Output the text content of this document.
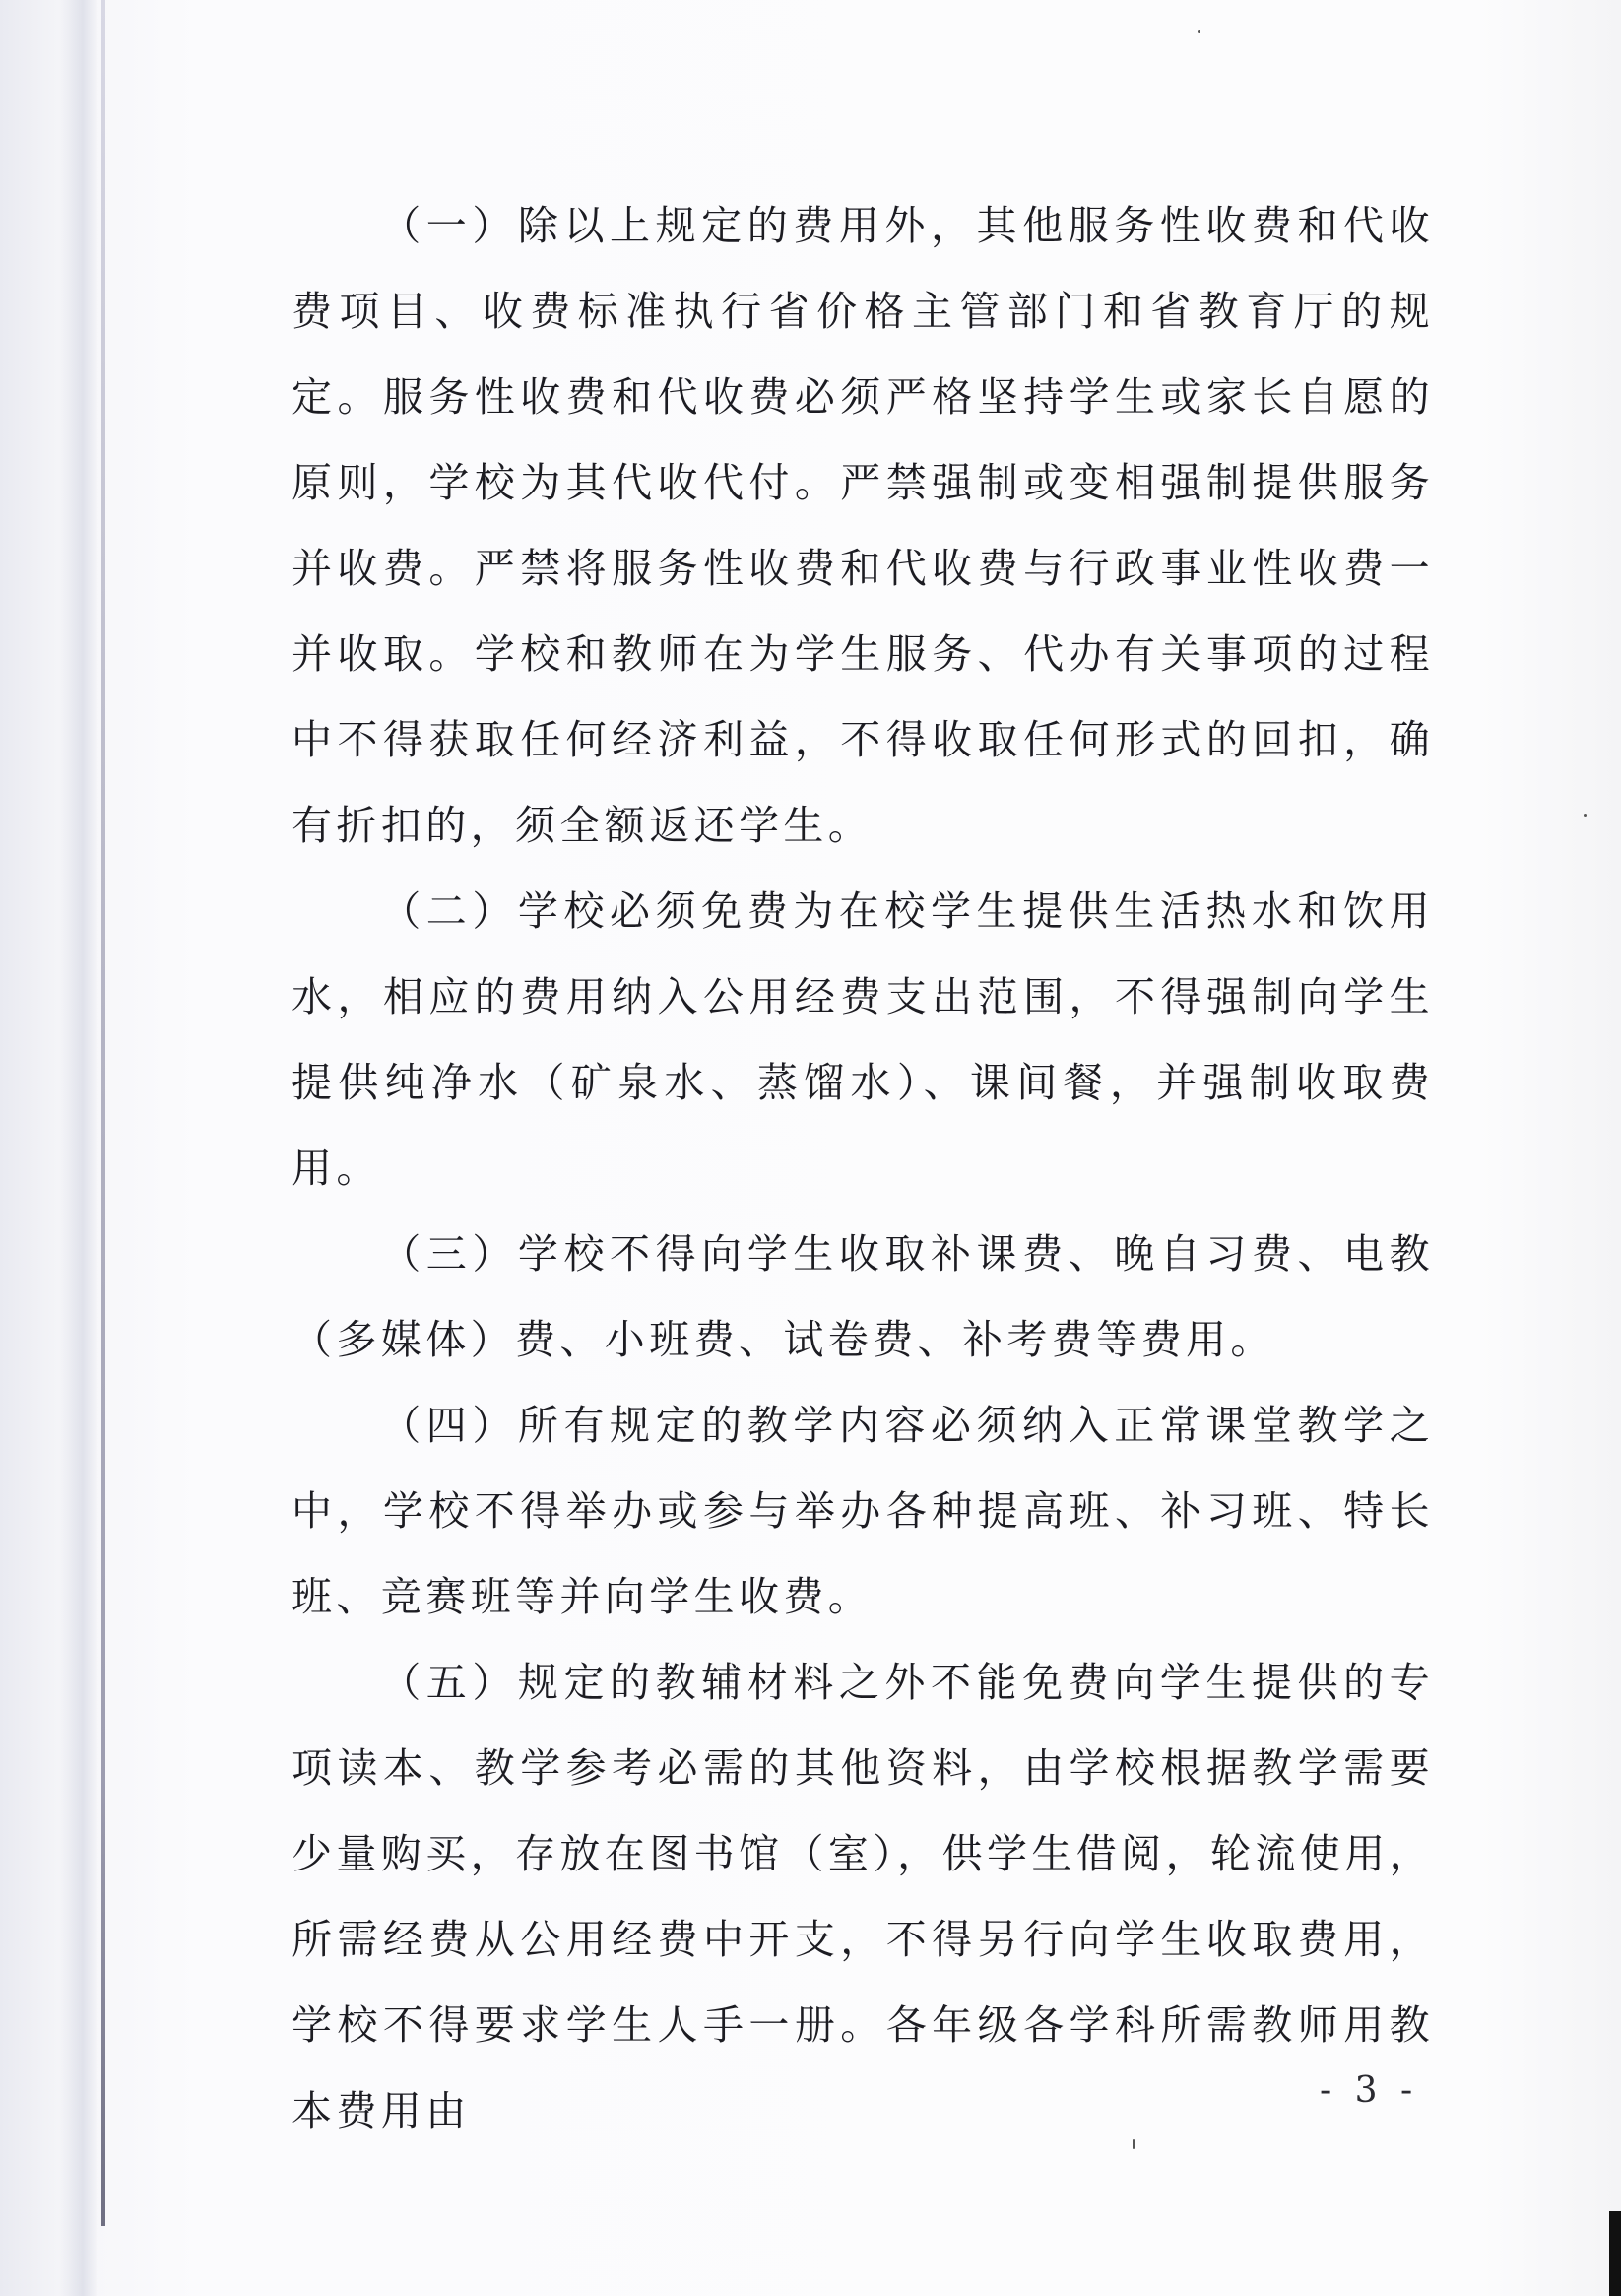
（一）除以上规定的费用外，其他服务性收费和代收费项目、收费标准执行省价格主管部门和省教育厅的规定。服务性收费和代收费必须严格坚持学生或家长自愿的原则，学校为其代收代付。严禁强制或变相强制提供服务并收费。严禁将服务性收费和代收费与行政事业性收费一并收取。学校和教师在为学生服务、代办有关事项的过程中不得获取任何经济利益，不得收取任何形式的回扣，确有折扣的，须全额返还学生。

（二）学校必须免费为在校学生提供生活热水和饮用水，相应的费用纳入公用经费支出范围，不得强制向学生提供纯净水（矿泉水、蒸馏水）、课间餐，并强制收取费用。

（三）学校不得向学生收取补课费、晚自习费、电教（多媒体）费、小班费、试卷费、补考费等费用。

（四）所有规定的教学内容必须纳入正常课堂教学之中，学校不得举办或参与举办各种提高班、补习班、特长班、竞赛班等并向学生收费。

（五）规定的教辅材料之外不能免费向学生提供的专项读本、教学参考必需的其他资料，由学校根据教学需要少量购买，存放在图书馆（室），供学生借阅，轮流使用，所需经费从公用经费中开支，不得另行向学生收取费用，学校不得要求学生人手一册。各年级各学科所需教师用教本费用由	- 3 -
